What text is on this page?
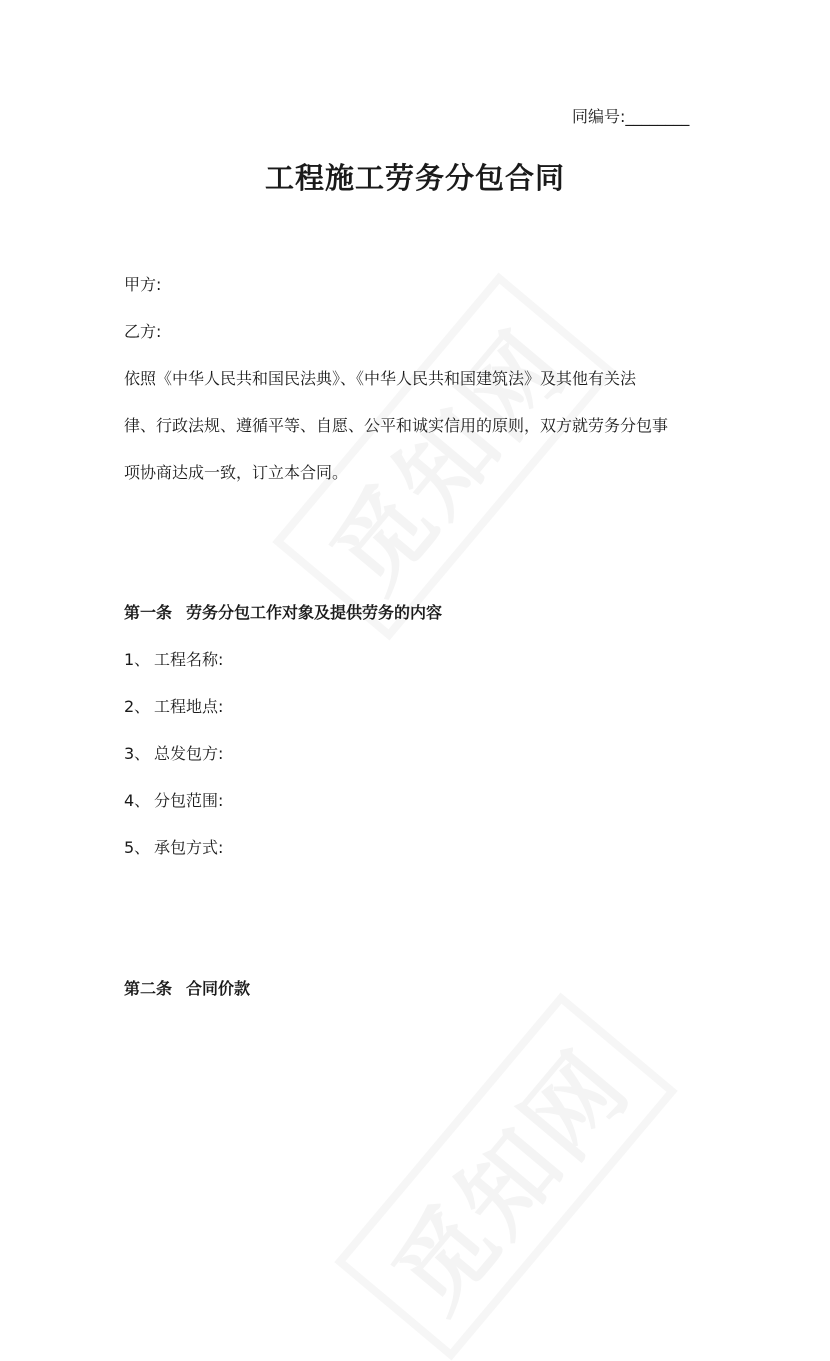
同编号:________
工程施工劳务分包合同
甲方:
乙方:
依照《中华人民共和国民法典》、《中华人民共和国建筑法》及其他有关法
律、行政法规、遵循平等、自愿、公平和诚实信用的原则，双方就劳务分包事
项协商达成一致，订立本合同。
第一条 劳务分包工作对象及提供劳务的内容
1、 工程名称:
2、 工程地点:
3、 总发包方:
4、 分包范围:
5、 承包方式:
第二条 合同价款
